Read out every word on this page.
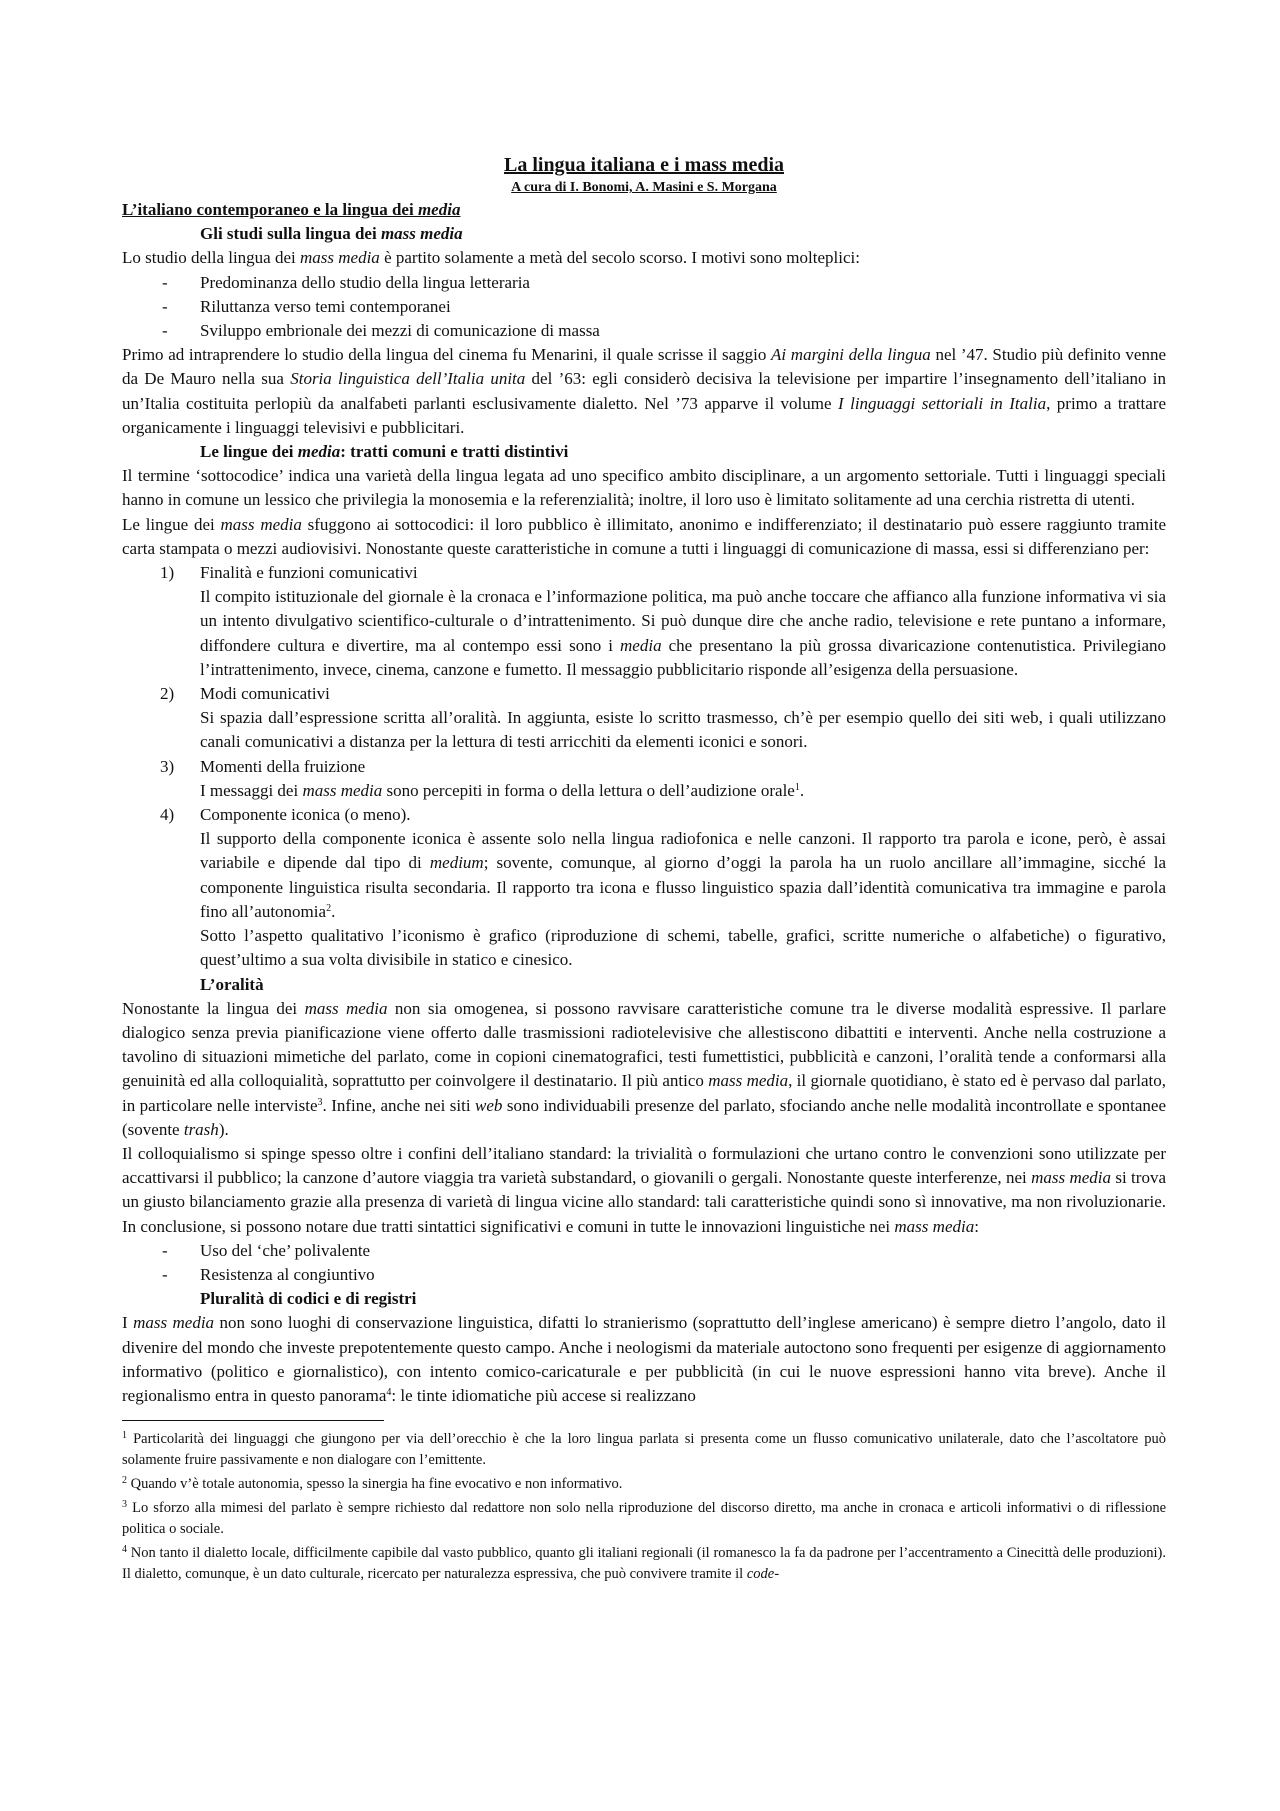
La lingua italiana e i mass media

A cura di I. Bonomi, A. Masini e S. Morgana

L’italiano contemporaneo e la lingua dei media

Gli studi sulla lingua dei mass media

Lo studio della lingua dei mass media è partito solamente a metà del secolo scorso. I motivi sono molteplici:

- Predominanza dello studio della lingua letteraria

- Riluttanza verso temi contemporanei

- Sviluppo embrionale dei mezzi di comunicazione di massa

Primo ad intraprendere lo studio della lingua del cinema fu Menarini, il quale scrisse il saggio Ai margini della lingua nel ’47. Studio più definito venne da De Mauro nella sua Storia linguistica dell’Italia unita del ’63: egli considerò decisiva la televisione per impartire l’insegnamento dell’italiano in un’Italia costituita perlopiù da analfabeti parlanti esclusivamente dialetto. Nel ’73 apparve il volume I linguaggi settoriali in Italia, primo a trattare organicamente i linguaggi televisivi e pubblicitari.

Le lingue dei media: tratti comuni e tratti distintivi

Il termine ‘sottocodice’ indica una varietà della lingua legata ad uno specifico ambito disciplinare, a un argomento settoriale. Tutti i linguaggi speciali hanno in comune un lessico che privilegia la monosemia e la referenzialità; inoltre, il loro uso è limitato solitamente ad una cerchia ristretta di utenti.

Le lingue dei mass media sfuggono ai sottocodici: il loro pubblico è illimitato, anonimo e indifferenziato; il destinatario può essere raggiunto tramite carta stampata o mezzi audiovisivi. Nonostante queste caratteristiche in comune a tutti i linguaggi di comunicazione di massa, essi si differenziano per:

1) Finalità e funzioni comunicativi

Il compito istituzionale del giornale è la cronaca e l’informazione politica, ma può anche toccare che affianco alla funzione informativa vi sia un intento divulgativo scientifico-culturale o d’intrattenimento. Si può dunque dire che anche radio, televisione e rete puntano a informare, diffondere cultura e divertire, ma al contempo essi sono i media che presentano la più grossa divaricazione contenutistica. Privilegiano l’intrattenimento, invece, cinema, canzone e fumetto. Il messaggio pubblicitario risponde all’esigenza della persuasione.

2) Modi comunicativi

Si spazia dall’espressione scritta all’oralità. In aggiunta, esiste lo scritto trasmesso, ch’è per esempio quello dei siti web, i quali utilizzano canali comunicativi a distanza per la lettura di testi arricchiti da elementi iconici e sonori.

3) Momenti della fruizione

I messaggi dei mass media sono percepiti in forma o della lettura o dell’audizione orale$^1$.

4) Componente iconica (o meno).

Il supporto della componente iconica è assente solo nella lingua radiofonica e nelle canzoni. Il rapporto tra parola e icone, però, è assai variabile e dipende dal tipo di medium; sovente, comunque, al giorno d’oggi la parola ha un ruolo ancillare all’immagine, sicché la componente linguistica risulta secondaria. Il rapporto tra icona e flusso linguistico spazia dall’identità comunicativa tra immagine e parola fino all’autonomia$^2$.

Sotto l’aspetto qualitativo l’iconismo è grafico (riproduzione di schemi, tabelle, grafici, scritte numeriche o alfabetiche) o figurativo, quest’ultimo a sua volta divisibile in statico e cinesico.

L’oralità

Nonostante la lingua dei mass media non sia omogenea, si possono ravvisare caratteristiche comune tra le diverse modalità espressive. Il parlare dialogico senza previa pianificazione viene offerto dalle trasmissioni radiotelevisive che allestiscono dibattiti e interventi. Anche nella costruzione a tavolino di situazioni mimetiche del parlato, come in copioni cinematografici, testi fumettistici, pubblicità e canzoni, l’oralità tende a conformarsi alla genuinità ed alla colloquialità, soprattutto per coinvolgere il destinatario. Il più antico mass media, il giornale quotidiano, è stato ed è pervaso dal parlato, in particolare nelle interviste$^3$. Infine, anche nei siti web sono individuabili presenze del parlato, sfociando anche nelle modalità incontrollate e spontanee (sovente trash).

Il colloquialismo si spinge spesso oltre i confini dell’italiano standard: la trivialità o formulazioni che urtano contro le convenzioni sono utilizzate per accattivarsi il pubblico; la canzone d’autore viaggia tra varietà substandard, o giovanili o gergali. Nonostante queste interferenze, nei mass media si trova un giusto bilanciamento grazie alla presenza di varietà di lingua vicine allo standard: tali caratteristiche quindi sono sì innovative, ma non rivoluzionarie. In conclusione, si possono notare due tratti sintattici significativi e comuni in tutte le innovazioni linguistiche nei mass media:

- Uso del ‘che’ polivalente

- Resistenza al congiuntivo

Pluralità di codici e di registri

I mass media non sono luoghi di conservazione linguistica, difatti lo stranierismo (soprattutto dell’inglese americano) è sempre dietro l’angolo, dato il divenire del mondo che investe prepotentemente questo campo. Anche i neologismi da materiale autoctono sono frequenti per esigenze di aggiornamento informativo (politico e giornalistico), con intento comico-caricaturale e per pubblicità (in cui le nuove espressioni hanno vita breve). Anche il regionalismo entra in questo panorama$^4$: le tinte idiomatiche più accese si realizzano

$^1$ Particolarità dei linguaggi che giungono per via dell’orecchio è che la loro lingua parlata si presenta come un flusso comunicativo unilaterale, dato che l’ascoltatore può solamente fruire passivamente e non dialogare con l’emittente.

$^2$ Quando v’è totale autonomia, spesso la sinergia ha fine evocativo e non informativo.

$^3$ Lo sforzo alla mimesi del parlato è sempre richiesto dal redattore non solo nella riproduzione del discorso diretto, ma anche in cronaca e articoli informativi o di riflessione politica o sociale.

$^4$ Non tanto il dialetto locale, difficilmente capibile dal vasto pubblico, quanto gli italiani regionali (il romanesco la fa da padrone per l’accentramento a Cinecittà delle produzioni). Il dialetto, comunque, è un dato culturale, ricercato per naturalezza espressiva, che può convivere tramite il code-
